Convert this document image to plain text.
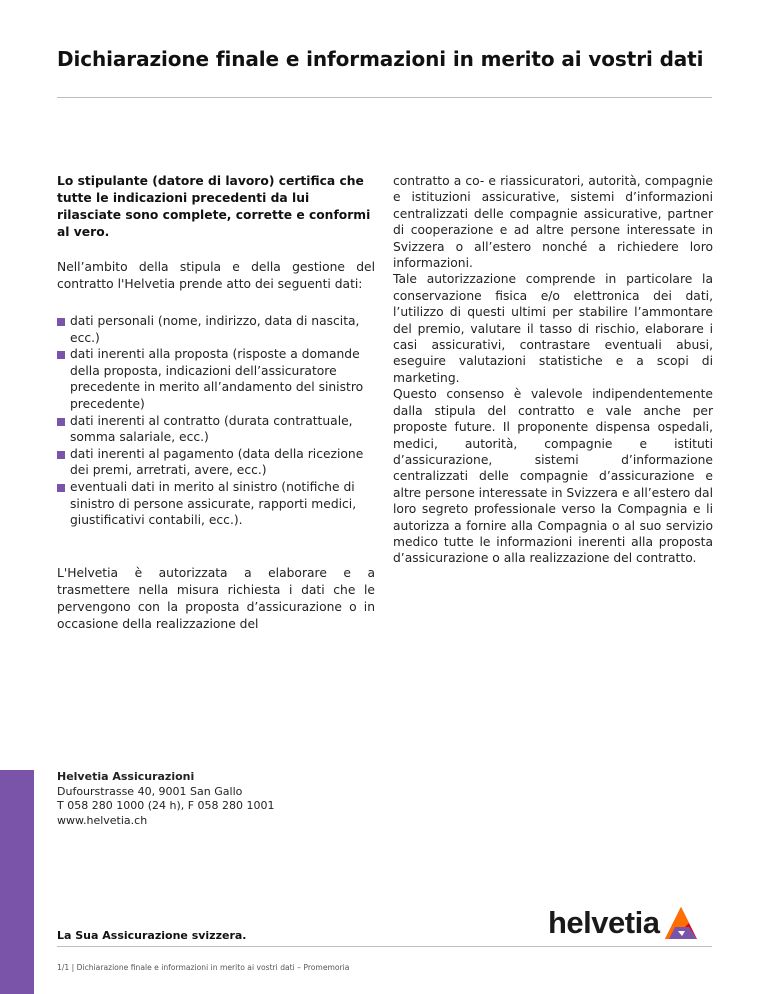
Dichiarazione finale e informazioni in merito ai vostri dati
Lo stipulante (datore di lavoro) certifica che tutte le indicazioni precedenti da lui rilasciate sono complete, corrette e conformi al vero.
Nell’ambito della stipula e della gestione del contratto l'Helvetia prende atto dei seguenti dati:
dati personali (nome, indirizzo, data di nascita, ecc.)
dati inerenti alla proposta (risposte a domande della proposta, indicazioni dell’assicuratore precedente in merito all’andamento del sinistro precedente)
dati inerenti al contratto (durata contrattuale, somma salariale, ecc.)
dati inerenti al pagamento (data della ricezione dei premi, arretrati, avere, ecc.)
eventuali dati in merito al sinistro (notifiche di sinistro di persone assicurate, rapporti medici, giustificativi contabili, ecc.).
L'Helvetia è autorizzata a elaborare e a trasmettere nella misura richiesta i dati che le pervengono con la proposta d’assicurazione o in occasione della realizzazione del

contratto a co- e riassicuratori, autorità, compagnie e istituzioni assicurative, sistemi d’informazioni centralizzati delle compagnie assicurative, partner di cooperazione e ad altre persone interessate in Svizzera o all’estero nonché a richiedere loro informazioni.

Tale autorizzazione comprende in particolare la conservazione fisica e/o elettronica dei dati, l’utilizzo di questi ultimi per stabilire l’ammontare del premio, valutare il tasso di rischio, elaborare i casi assicurativi, contrastare eventuali abusi, eseguire valutazioni statistiche e a scopi di marketing.

Questo consenso è valevole indipendentemente dalla stipula del contratto e vale anche per proposte future. Il proponente dispensa ospedali, medici, autorità, compagnie e istituti d’assicurazione, sistemi d’informazione centralizzati delle compagnie d’assicurazione e altre persone interessate in Svizzera e all’estero dal loro segreto professionale verso la Compagnia e li autorizza a fornire alla Compagnia o al suo servizio medico tutte le informazioni inerenti alla proposta d’assicurazione o alla realizzazione del contratto.

Helvetia Assicurazioni
Dufourstrasse 40, 9001 San Gallo
T 058 280 1000 (24 h), F 058 280 1001
www.helvetia.ch
La Sua Assicurazione svizzera.	helvetia
1/1 | Dichiarazione finale e informazioni in merito ai vostri dati – Promemoria
